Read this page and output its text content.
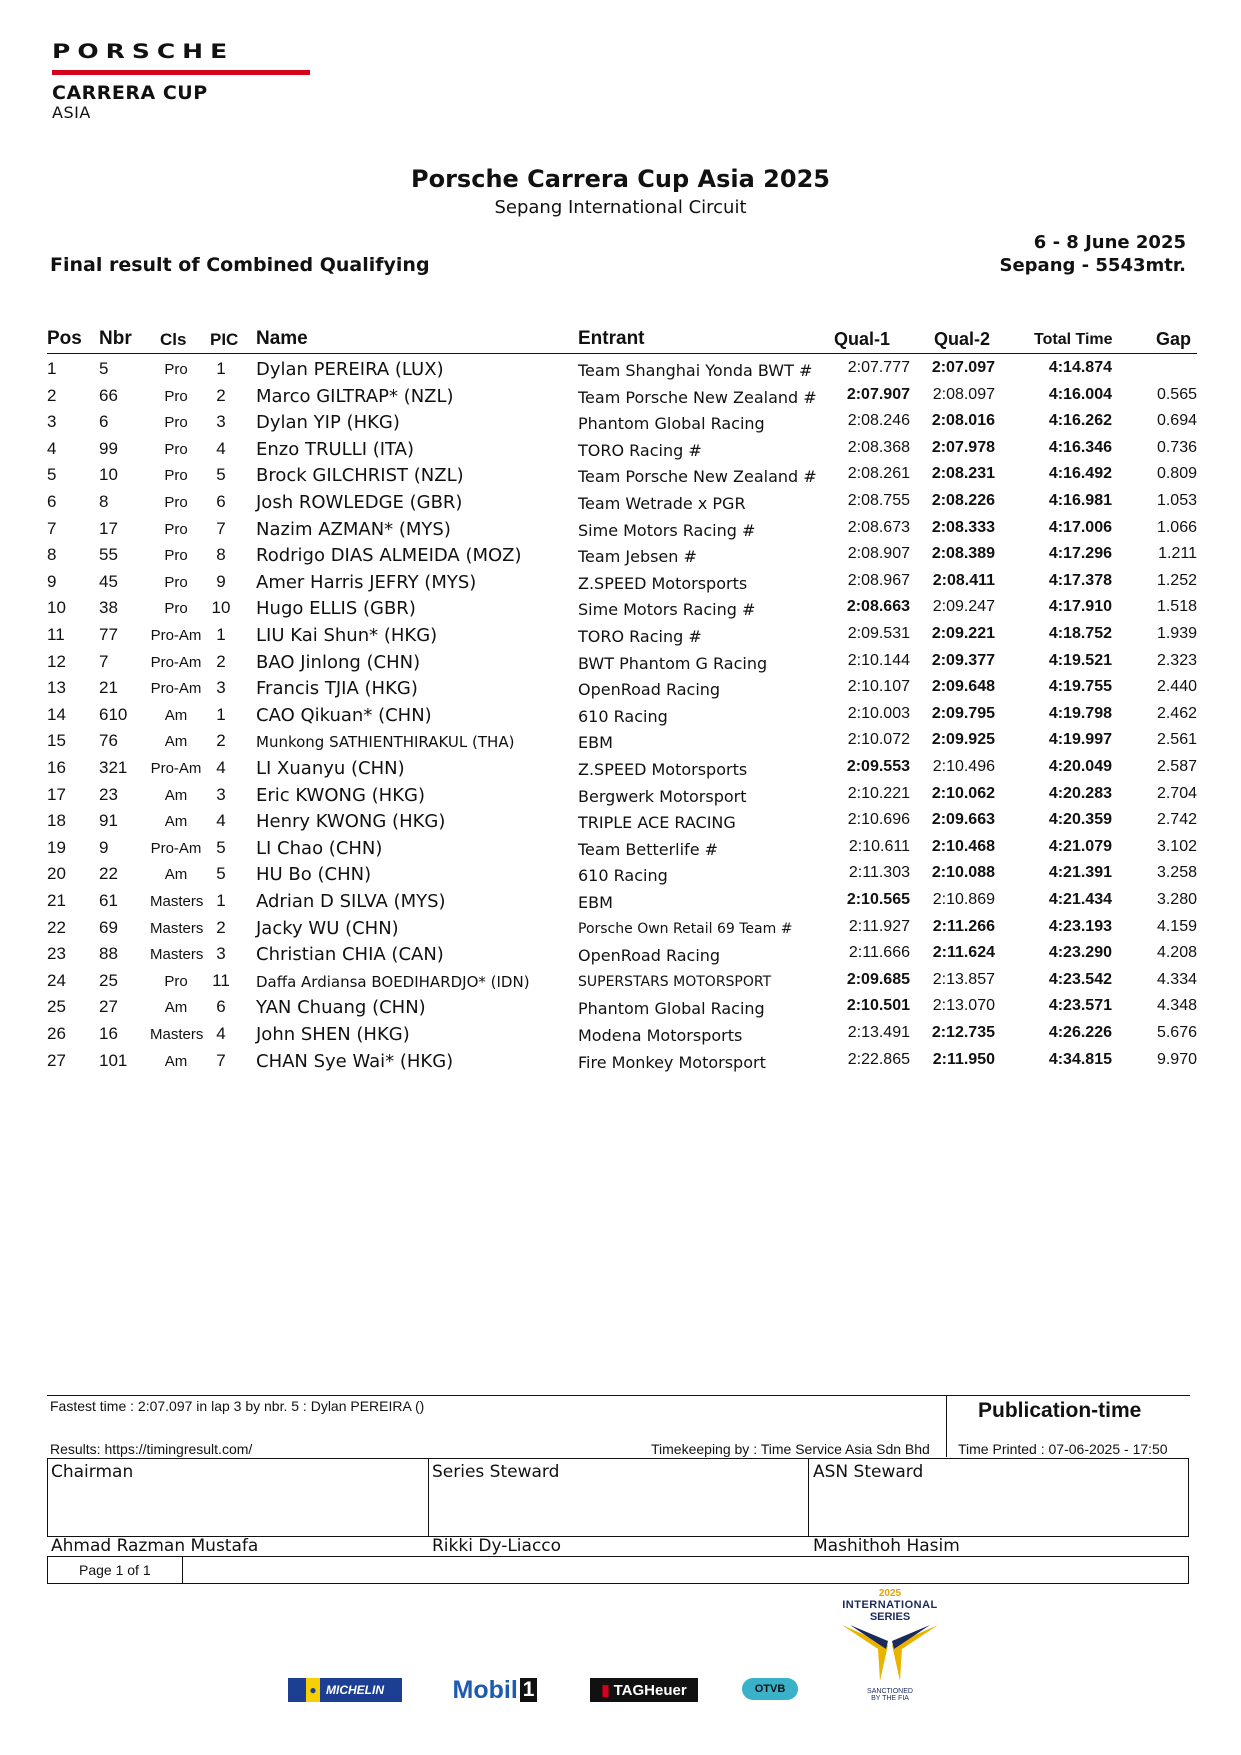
PORSCHE
CARRERA CUP
ASIA
Porsche Carrera Cup Asia 2025
Sepang International Circuit
6 - 8 June 2025
Sepang - 5543mtr.
Final result of Combined Qualifying
Pos Nbr Cls PIC Name	Entrant	Qual-1 Qual-2	Total Time Gap
1	5	Pro	1	Dylan PEREIRA (LUX)	Team Shanghai Yonda BWT #	2:07.777	2:07.097	4:14.874
2	66	Pro	2	Marco GILTRAP* (NZL)	Team Porsche New Zealand #	2:07.907	2:08.097	4:16.004	0.565
3	6	Pro	3	Dylan YIP (HKG)	Phantom Global Racing	2:08.246	2:08.016	4:16.262	0.694
4	99	Pro	4	Enzo TRULLI (ITA)	TORO Racing #	2:08.368	2:07.978	4:16.346	0.736
5	10	Pro	5	Brock GILCHRIST (NZL)	Team Porsche New Zealand #	2:08.261	2:08.231	4:16.492	0.809
6	8	Pro	6	Josh ROWLEDGE (GBR)	Team Wetrade x PGR	2:08.755	2:08.226	4:16.981	1.053
7	17	Pro	7	Nazim AZMAN* (MYS)	Sime Motors Racing #	2:08.673	2:08.333	4:17.006	1.066
8	55	Pro	8	Rodrigo DIAS ALMEIDA (MOZ)	Team Jebsen #	2:08.907	2:08.389	4:17.296	1.211
9	45	Pro	9	Amer Harris JEFRY (MYS)	Z.SPEED Motorsports	2:08.967	2:08.411	4:17.378	1.252
10 38	Pro	10 Hugo ELLIS (GBR)	Sime Motors Racing #	2:08.663	2:09.247	4:17.910	1.518
11 77 Pro-Am 1	LIU Kai Shun* (HKG)	TORO Racing #	2:09.531	2:09.221	4:18.752	1.939
12 7	Pro-Am 2	BAO Jinlong (CHN)	BWT Phantom G Racing	2:10.144	2:09.377	4:19.521	2.323
13 21 Pro-Am 3	Francis TJIA (HKG)	OpenRoad Racing	2:10.107	2:09.648	4:19.755	2.440
14 610	Am	1	CAO Qikuan* (CHN)	610 Racing	2:10.003	2:09.795	4:19.798	2.462
15 76	Am	2	Munkong SATHIENTHIRAKUL (THA)	EBM	2:10.072	2:09.925	4:19.997	2.561
16 321 Pro-Am 4	LI Xuanyu (CHN)	Z.SPEED Motorsports	2:09.553	2:10.496	4:20.049	2.587
17 23	Am	3	Eric KWONG (HKG)	Bergwerk Motorsport	2:10.221	2:10.062	4:20.283	2.704
18 91	Am	4	Henry KWONG (HKG)	TRIPLE ACE RACING	2:10.696	2:09.663	4:20.359	2.742
19 9	Pro-Am 5	LI Chao (CHN)	Team Betterlife #	2:10.611	2:10.468	4:21.079	3.102
20 22	Am	5	HU Bo (CHN)	610 Racing	2:11.303	2:10.088	4:21.391	3.258
21 61 Masters 1	Adrian D SILVA (MYS)	EBM	2:10.565	2:10.869	4:21.434	3.280
22 69 Masters 2	Jacky WU (CHN)	Porsche Own Retail 69 Team #	2:11.927	2:11.266	4:23.193	4.159
23 88 Masters 3	Christian CHIA (CAN)	OpenRoad Racing	2:11.666	2:11.624	4:23.290	4.208
24 25	Pro	11 Daffa Ardiansa BOEDIHARDJO* (IDN)	SUPERSTARS MOTORSPORT	2:09.685	2:13.857	4:23.542	4.334
25 27	Am	6	YAN Chuang (CHN)	Phantom Global Racing	2:10.501	2:13.070	4:23.571	4.348
26 16 Masters 4	John SHEN (HKG)	Modena Motorsports	2:13.491	2:12.735	4:26.226	5.676
27 101	Am	7	CHAN Sye Wai* (HKG)	Fire Monkey Motorsport	2:22.865	2:11.950	4:34.815	9.970
Fastest time : 2:07.097 in lap 3 by nbr. 5 : Dylan PEREIRA ()	Publication-time
Results: https://timingresult.com/	Timekeeping by : Time Service Asia Sdn Bhd Time Printed : 07-06-2025 - 17:50
Chairman
Ahmad Razman Mustafa
Series Steward
Rikki Dy-Liacco
ASN Steward
Mashithoh Hasim
Page 1 of 1
2025
INTERNATIONAL
SERIES
SANCTIONED
BY THE FIA
● MICHELIN	Mobil 1	▮ TAGHeuer	OTVB
